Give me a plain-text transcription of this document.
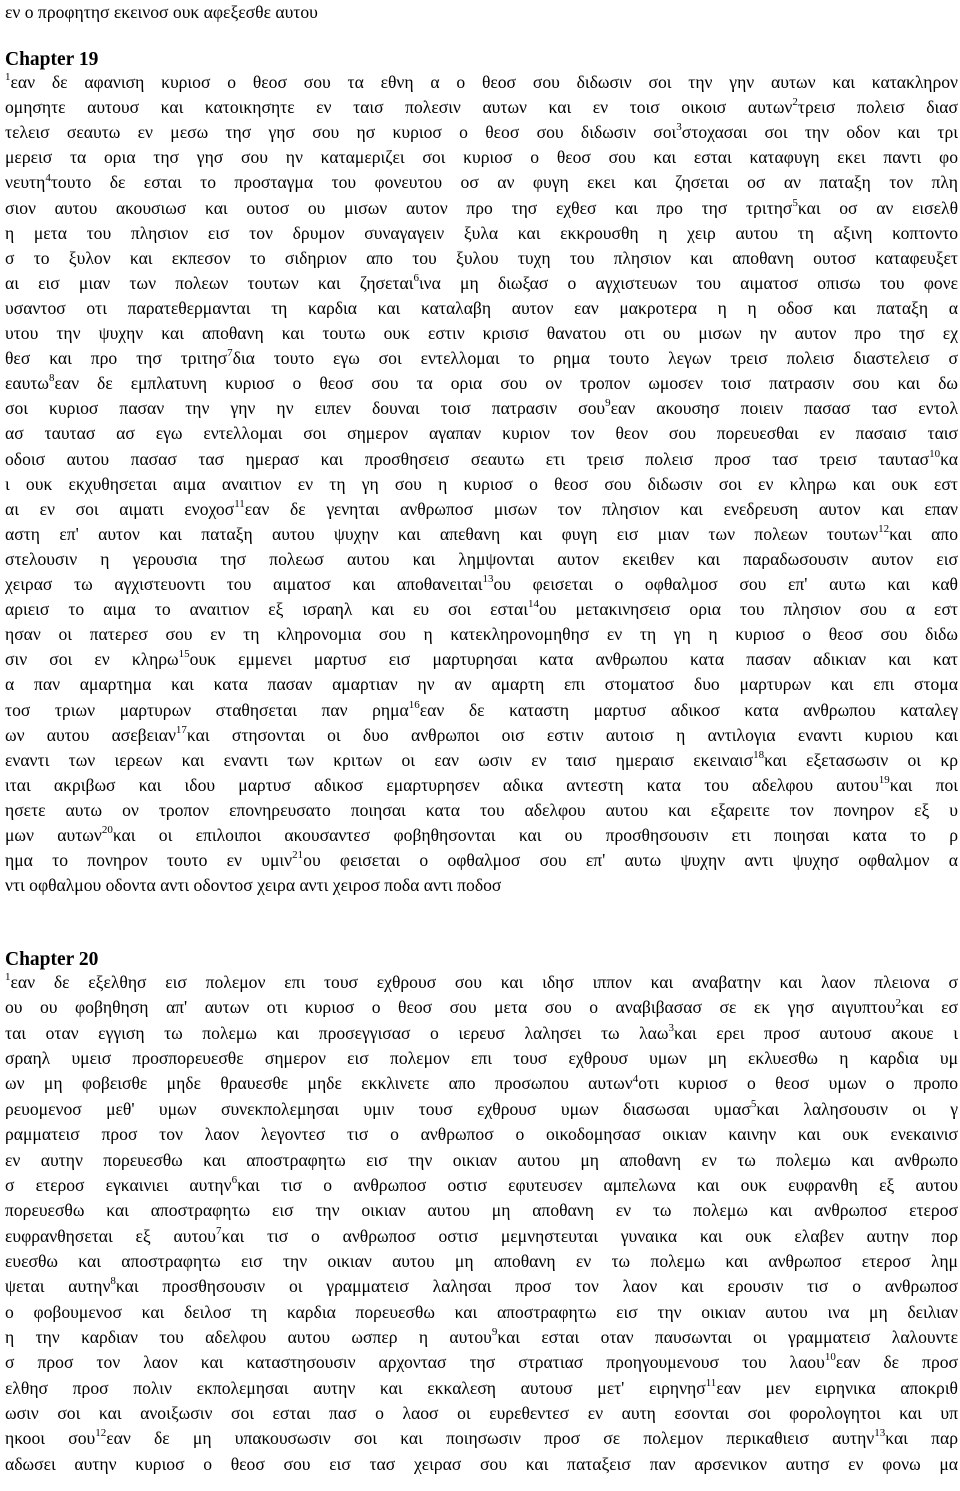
εν ο προφητησ εκεινοσ ουκ αφεξεσθε αυτου
Chapter 19
$^1$εαν δε αφανιση κυριοσ ο θεοσ σου τα εθνη α ο θεοσ σου διδωσιν σοι την γην αυτων και κατακληρον
ομησητε αυτουσ και κατοικησητε εν ταισ πολεσιν αυτων και εν τοισ οικοισ αυτων$^2$τρεισ πολεισ διασ
τελεισ σεαυτω εν μεσω τησ γησ σου ησ κυριοσ ο θεοσ σου διδωσιν σοι$^3$στοχασαι σοι την οδον και τρι
μερεισ τα ορια τησ γησ σου ην καταμεριζει σοι κυριοσ ο θεοσ σου και εσται καταφυγη εκει παντι φο
νευτη$^4$τουτο δε εσται το προσταγμα του φονευτου οσ αν φυγη εκει και ζησεται οσ αν παταξη τον πλη
σιον αυτου ακουσιωσ και ουτοσ ου μισων αυτον προ τησ εχθεσ και προ τησ τριτησ$^5$και οσ αν εισελθ
η μετα του πλησιον εισ τον δρυμον συναγαγειν ξυλα και εκκρουσθη η χειρ αυτου τη αξινη κοπτοντο
σ το ξυλον και εκπεσον το σιδηριον απο του ξυλου τυχη του πλησιον και αποθανη ουτοσ καταφευξετ
αι εισ μιαν των πολεων τουτων και ζησεται$^6$ινα μη διωξασ ο αγχιστευων του αιματοσ οπισω του φονε
υσαντοσ οτι παρατεθερμανται τη καρδια και καταλαβη αυτον εαν μακροτερα η η οδοσ και παταξη α
υτου την ψυχην και αποθανη και τουτω ουκ εστιν κρισισ θανατου οτι ου μισων ην αυτον προ τησ εχ
θεσ και προ τησ τριτησ$^7$δια τουτο εγω σοι εντελλομαι το ρημα τουτο λεγων τρεισ πολεισ διαστελεισ σ
εαυτω$^8$εαν δε εμπλατυνη κυριοσ ο θεοσ σου τα ορια σου ον τροπον ωμοσεν τοισ πατρασιν σου και δω
σοι κυριοσ πασαν την γην ην ειπεν δουναι τοισ πατρασιν σου$^9$εαν ακουσησ ποιειν πασασ τασ εντολ
ασ ταυτασ ασ εγω εντελλομαι σοι σημερον αγαπαν κυριον τον θεον σου πορευεσθαι εν πασαισ ταισ
οδοισ αυτου πασασ τασ ημερασ και προσθησεισ σεαυτω ετι τρεισ πολεισ προσ τασ τρεισ ταυτασ$^{10}$κα
ι ουκ εκχυθησεται αιμα αναιτιον εν τη γη σου η κυριοσ ο θεοσ σου διδωσιν σοι εν κληρω και ουκ εστ
αι εν σοι αιματι ενοχοσ$^{11}$εαν δε γενηται ανθρωποσ μισων τον πλησιον και ενεδρευση αυτον και επαν
αστη επ' αυτον και παταξη αυτου ψυχην και απεθανη και φυγη εισ μιαν των πολεων τουτων$^{12}$και απο
στελουσιν η γερουσια τησ πολεωσ αυτου και λημψονται αυτον εκειθεν και παραδωσουσιν αυτον εισ
χειρασ τω αγχιστευοντι του αιματοσ και αποθανειται$^{13}$ου φεισεται ο οφθαλμοσ σου επ' αυτω και καθ
αριεισ το αιμα το αναιτιον εξ ισραηλ και ευ σοι εσται$^{14}$ου μετακινησεισ ορια του πλησιον σου α εστ
ησαν οι πατερεσ σου εν τη κληρονομια σου η κατεκληρονομηθησ εν τη γη η κυριοσ ο θεοσ σου διδω
σιν σοι εν κληρω$^{15}$ουκ εμμενει μαρτυσ εισ μαρτυρησαι κατα ανθρωπου κατα πασαν αδικιαν και κατ
α παν αμαρτημα και κατα πασαν αμαρτιαν ην αν αμαρτη επι στοματοσ δυο μαρτυρων και επι στομα
τοσ τριων μαρτυρων σταθησεται παν ρημα$^{16}$εαν δε καταστη μαρτυσ αδικοσ κατα ανθρωπου καταλεγ
ων αυτου ασεβειαν$^{17}$και στησονται οι δυο ανθρωποι οισ εστιν αυτοισ η αντιλογια εναντι κυριου και
εναντι των ιερεων και εναντι των κριτων οι εαν ωσιν εν ταισ ημεραισ εκειναισ$^{18}$και εξετασωσιν οι κρ
ιται ακριβωσ και ιδου μαρτυσ αδικοσ εμαρτυρησεν αδικα αντεστη κατα του αδελφου αυτου$^{19}$και ποι
ησετε αυτω ον τροπον επονηρευσατο ποιησαι κατα του αδελφου αυτου και εξαρειτε τον πονηρον εξ υ
μων αυτων$^{20}$και οι επιλοιποι ακουσαντεσ φοβηθησονται και ου προσθησουσιν ετι ποιησαι κατα το ρ
ημα το πονηρον τουτο εν υμιν$^{21}$ου φεισεται ο οφθαλμοσ σου επ' αυτω ψυχην αντι ψυχησ οφθαλμον α
ντι οφθαλμου οδοντα αντι οδοντοσ χειρα αντι χειροσ ποδα αντι ποδοσ
Chapter 20
$^1$εαν δε εξελθησ εισ πολεμον επι τουσ εχθρουσ σου και ιδησ ιππον και αναβατην και λαον πλειονα σ
ου ου φοβηθηση απ' αυτων οτι κυριοσ ο θεοσ σου μετα σου ο αναβιβασασ σε εκ γησ αιγυπτου$^2$και εσ
ται οταν εγγιση τω πολεμω και προσεγγισασ ο ιερευσ λαλησει τω λαω$^3$και ερει προσ αυτουσ ακουε ι
σραηλ υμεισ προσπορευεσθε σημερον εισ πολεμον επι τουσ εχθρουσ υμων μη εκλυεσθω η καρδια υμ
ων μη φοβεισθε μηδε θραυεσθε μηδε εκκλινετε απο προσωπου αυτων$^4$οτι κυριοσ ο θεοσ υμων ο προπο
ρευομενοσ μεθ' υμων συνεκπολεμησαι υμιν τουσ εχθρουσ υμων διασωσαι υμασ$^5$και λαλησουσιν οι γ
ραμματεισ προσ τον λαον λεγοντεσ τισ ο ανθρωποσ ο οικοδομησασ οικιαν καινην και ουκ ενεκαινισ
εν αυτην πορευεσθω και αποστραφητω εισ την οικιαν αυτου μη αποθανη εν τω πολεμω και ανθρωπο
σ ετεροσ εγκαινιει αυτην$^6$και τισ ο ανθρωποσ οστισ εφυτευσεν αμπελωνα και ουκ ευφρανθη εξ αυτου
πορευεσθω και αποστραφητω εισ την οικιαν αυτου μη αποθανη εν τω πολεμω και ανθρωποσ ετεροσ
ευφρανθησεται εξ αυτου$^7$και τισ ο ανθρωποσ οστισ μεμνηστευται γυναικα και ουκ ελαβεν αυτην πορ
ευεσθω και αποστραφητω εισ την οικιαν αυτου μη αποθανη εν τω πολεμω και ανθρωποσ ετεροσ λημ
ψεται αυτην$^8$και προσθησουσιν οι γραμματεισ λαλησαι προσ τον λαον και ερουσιν τισ ο ανθρωποσ
ο φοβουμενοσ και δειλοσ τη καρδια πορευεσθω και αποστραφητω εισ την οικιαν αυτου ινα μη δειλιαν
η την καρδιαν του αδελφου αυτου ωσπερ η αυτου$^9$και εσται οταν παυσωνται οι γραμματεισ λαλουντε
σ προσ τον λαον και καταστησουσιν αρχοντασ τησ στρατιασ προηγουμενουσ του λαου$^{10}$εαν δε προσ
ελθησ προσ πολιν εκπολεμησαι αυτην και εκκαλεση αυτουσ μετ' ειρηνησ$^{11}$εαν μεν ειρηνικα αποκριθ
ωσιν σοι και ανοιξωσιν σοι εσται πασ ο λαοσ οι ευρεθεντεσ εν αυτη εσονται σοι φορολογητοι και υπ
ηκοοι σου$^{12}$εαν δε μη υπακουσωσιν σοι και ποιησωσιν προσ σε πολεμον περικαθιεισ αυτην$^{13}$και παρ
αδωσει αυτην κυριοσ ο θεοσ σου εισ τασ χειρασ σου και παταξεισ παν αρσενικον αυτησ εν φονω μα
